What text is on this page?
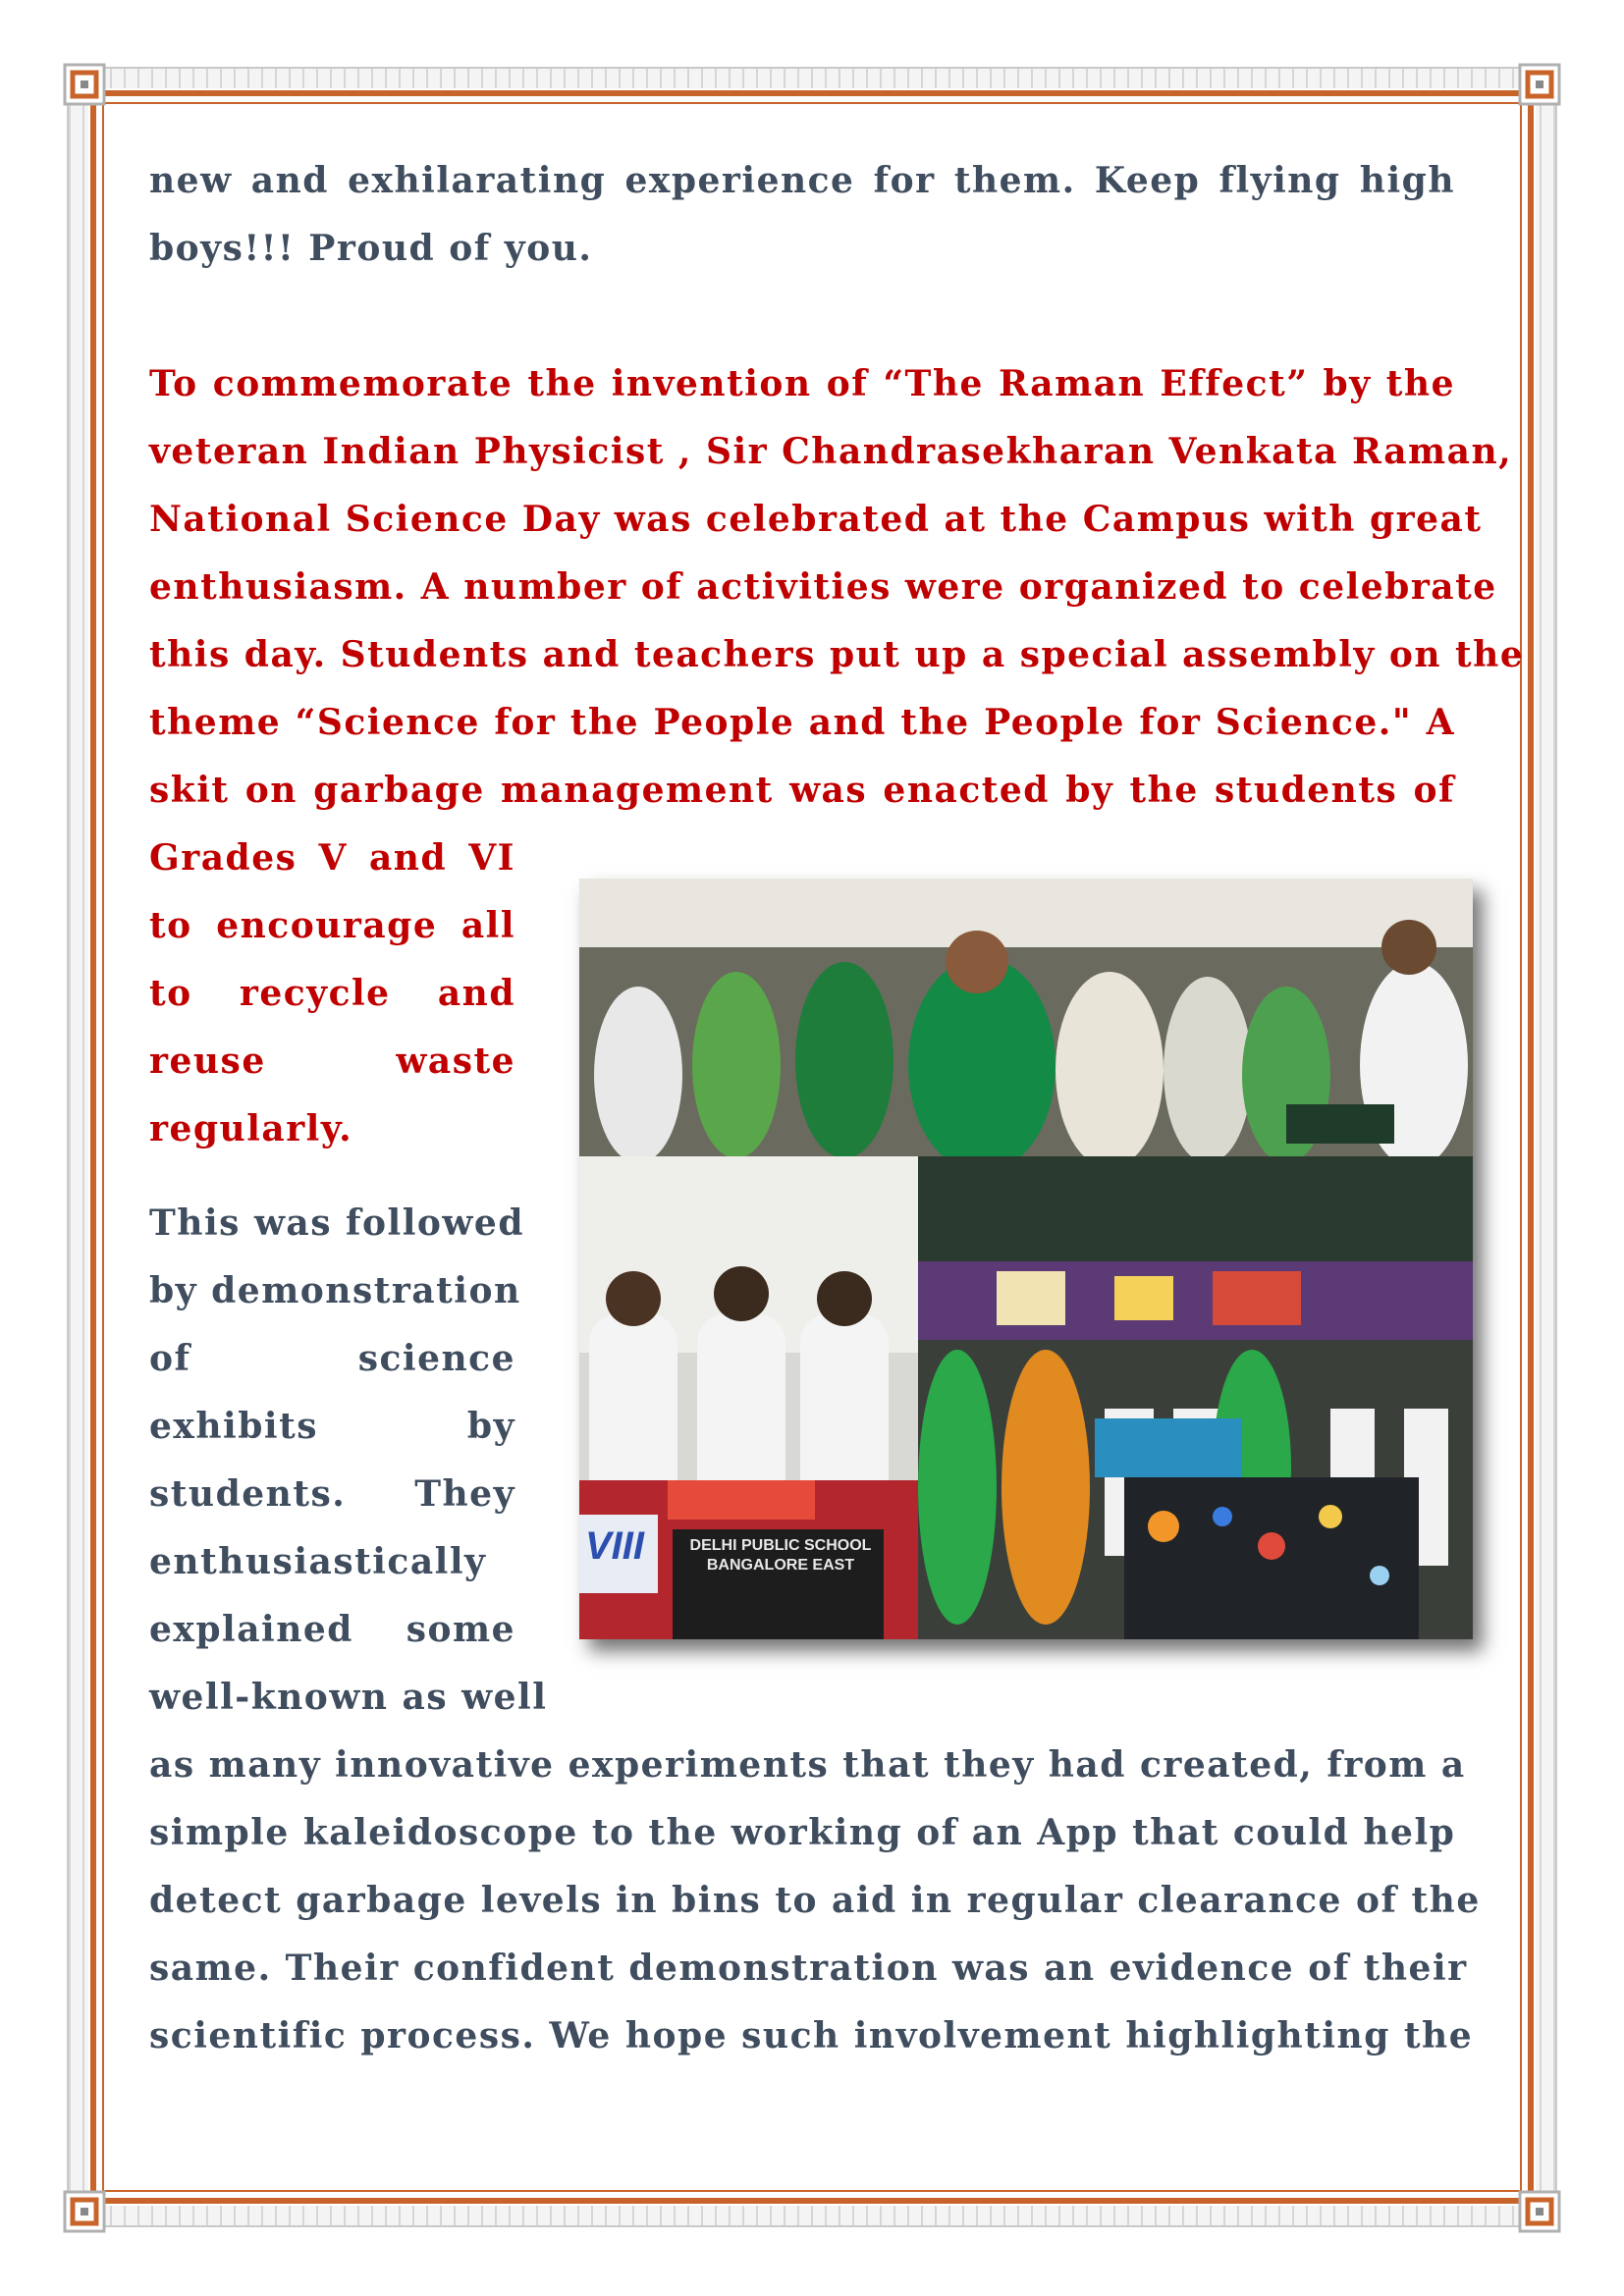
new and exhilarating experience for them. Keep flying high
boys!!! Proud of you.
To commemorate the invention of “The Raman Effect” by the
veteran Indian Physicist , Sir Chandrasekharan Venkata Raman,
National Science Day was celebrated at the Campus with great
enthusiasm. A number of activities were organized to celebrate
this day. Students and teachers put up a special assembly on the
theme “Science for the People and the People for Science." A
skit on garbage management was enacted by the students of
Grades V and VI
to encourage all
to recycle and
reuse waste
regularly.
This was followed
by demonstration
of science
exhibits by
students. They
enthusiastically
explained some
well-known as well
as many innovative experiments that they had created, from a
simple kaleidoscope to the working of an App that could help
detect garbage levels in bins to aid in regular clearance of the
same. Their confident demonstration was an evidence of their
scientific process. We hope such involvement highlighting the
VIII	DELHI PUBLIC SCHOOL
BANGALORE EAST
